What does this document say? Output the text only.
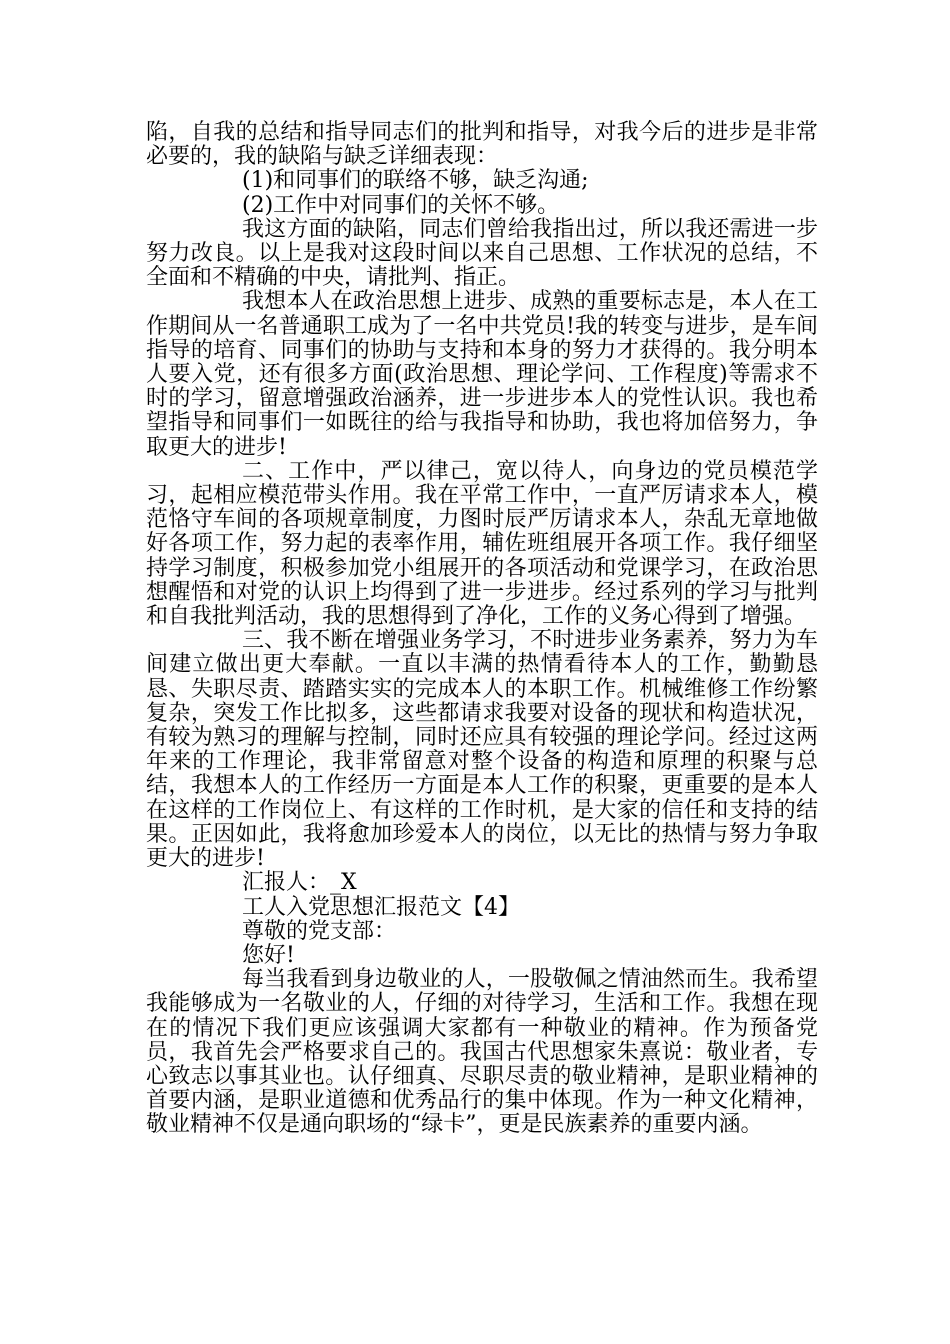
陷，自我的总结和指导同志们的批判和指导，对我今后的进步是非常必要的，我的缺陷与缺乏详细表现：

(1)和同事们的联络不够，缺乏沟通;

(2)工作中对同事们的关怀不够。

我这方面的缺陷，同志们曾给我指出过，所以我还需进一步努力改良。以上是我对这段时间以来自己思想、工作状况的总结，不全面和不精确的中央，请批判、指正。

我想本人在政治思想上进步、成熟的重要标志是，本人在工作期间从一名普通职工成为了一名中共党员!我的转变与进步，是车间指导的培育、同事们的协助与支持和本身的努力才获得的。我分明本人要入党，还有很多方面(政治思想、理论学问、工作程度)等需求不时的学习，留意增强政治涵养，进一步进步本人的党性认识。我也希望指导和同事们一如既往的给与我指导和协助，我也将加倍努力，争取更大的进步!

二、工作中，严以律己，宽以待人，向身边的党员模范学习，起相应模范带头作用。我在平常工作中，一直严厉请求本人，模范恪守车间的各项规章制度，力图时辰严厉请求本人，杂乱无章地做好各项工作，努力起的表率作用，辅佐班组展开各项工作。我仔细坚持学习制度，积极参加党小组展开的各项活动和党课学习，在政治思想醒悟和对党的认识上均得到了进一步进步。经过系列的学习与批判和自我批判活动，我的思想得到了净化，工作的义务心得到了增强。

三、我不断在增强业务学习，不时进步业务素养，努力为车间建立做出更大奉献。一直以丰满的热情看待本人的工作，勤勤恳恳、失职尽责、踏踏实实的完成本人的本职工作。机械维修工作纷繁复杂，突发工作比拟多，这些都请求我要对设备的现状和构造状况，有较为熟习的理解与控制，同时还应具有较强的理论学问。经过这两年来的工作理论，我非常留意对整个设备的构造和原理的积聚与总结，我想本人的工作经历一方面是本人工作的积聚，更重要的是本人在这样的工作岗位上、有这样的工作时机，是大家的信任和支持的结果。正因如此，我将愈加珍爱本人的岗位，以无比的热情与努力争取更大的进步!

汇报人：_X

工人入党思想汇报范文【4】

尊敬的党支部：

您好!

每当我看到身边敬业的人，一股敬佩之情油然而生。我希望我能够成为一名敬业的人，仔细的对待学习，生活和工作。我想在现在的情况下我们更应该强调大家都有一种敬业的精神。作为预备党员，我首先会严格要求自己的。我国古代思想家朱熹说：敬业者，专心致志以事其业也。认仔细真、尽职尽责的敬业精神，是职业精神的首要内涵，是职业道德和优秀品行的集中体现。作为一种文化精神，敬业精神不仅是通向职场的“绿卡”，更是民族素养的重要内涵。
